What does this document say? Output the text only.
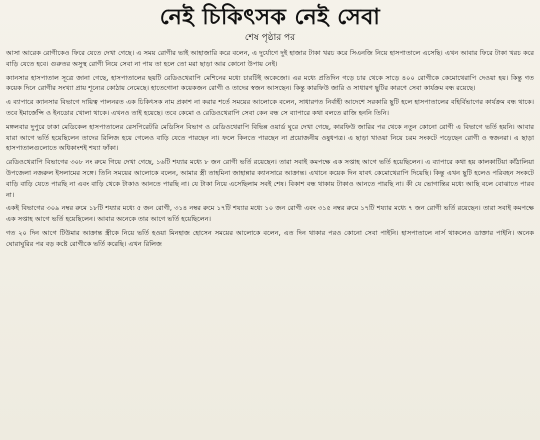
নেই চিকিৎসক নেই সেবা
শেষ পৃষ্ঠার পর

আসা আরেক রোগীকেও ফিরে যেতে দেখা গেছে। এ সময় রোগীর ভাই আহাজারি করে বলেন, এ দুর্যোগে দুই হাজার টাকা খরচ করে সিএনজি নিয়ে হাসপাতালে এসেছি। এখন আবার ফিরে টাকা খরচ করে বাড়ি যেতে হবে। গুরুতর অসুস্থ রোগী নিয়ে সেবা না পায় তা হলে তো মরা ছাড়া আর কোনো উপায় নেই।

ক্যানসার হাসপাতাল সূত্রে জানা গেছে, হাসপাতালের ছয়টি রেডিওথেরাপি মেশিনের মধ্যে চারটিই অকেজো। এর মধ্যে প্রতিদিন গড়ে চার থেকে সাড়ে ৪০০ রোগীকে কেমোথেরাপি দেওয়া হয়। কিন্তু গত কয়েক দিনে রোগীর সংখ্যা প্রায় শূন্যের কোঠায় নেমেছে। হাতেগোনা কয়েকজন রোগী ও তাদের স্বজন আসছেন। কিন্তু কারফিউ জারি ও সাধারণ ছুটির কারণে সেবা কার্যক্রম বন্ধ রয়েছে।

এ ব্যাপারে ক্যানসার বিভাগে দায়িত্ব পালনরত এক চিকিৎসক নাম প্রকাশ না করার শর্তে সময়ের আলোকে বলেন, সাধারণত নির্বাহী আদেশে সরকারি ছুটি হলে হাসপাতালের বহির্বিভাগের কার্যক্রম বন্ধ থাকে। তবে ইমার্জেন্সি ও ইনডোর খোলা থাকে। এখনও তাই হয়েছে। তবে কেমো ও রেডিওথেরাপি সেবা কেন বন্ধ সে ব্যাপারে কথা বলতে রাজি হননি তিনি।

মঙ্গলবার দুপুরে ঢাকা মেডিকেল হাসপাতালের রেসপিরেটরি মেডিসিন বিভাগ ও রেডিওথেরাপি বিভিন্ন ওয়ার্ড ঘুরে দেখা গেছে, কারফিউ জারির পর থেকে নতুন কোনো রোগী এ বিভাগে ভর্তি হয়নি। আবার যারা আগে ভর্তি হয়েছিলেন তাদের রিলিজ হয়ে গেলেও বাড়ি যেতে পারছেন না। ফলে কিনতে পারছেন না প্রয়োজনীয় ওষুধপত্র। এ ছাড়া খাওয়া নিয়ে চরম সংকটে পড়েছেন রোগী ও স্বজনরা। এ ছাড়া হাসপাতালগুলোতে অধিকাংশই শয্যা ফাঁকা।

রেডিওথেরাপি বিভাগের ৩০৮ নং রুমে গিয়ে দেখা গেছে, ১৬টি শয্যার মধ্যে ৮ জন রোগী ভর্তি রয়েছেন। তারা সবাই কমপক্ষে এক সপ্তাহ আগে ভর্তি হয়েছিলেন। এ ব্যাপারে কথা হয় কালকাটিয়া কাঁঠালিয়া উপজেলা নজরুল ইসলামের সঙ্গে। তিনি সময়ের আলোকে বলেন, আমার স্ত্রী তাহমিনা জাহান্নার ক্যানসারে আক্রান্ত। এখানে কয়েক দিন যাবৎ কেমোথেরাপি দিয়েছি। কিন্তু এখন ছুটি হলেও পরিবহন সংকটে বাড়ি বাড়ি যেতে পারছি না এবং বাড়ি থেকে টাকাও আনতে পারছি না। যে টাকা নিয়ে এসেছিলাম সবই শেষ। বিকাশ বন্ধ থাকায় টাকাও আনতে পারছি না। কী যে ভোগান্তির মধ্যে আছি বলে বোঝাতে পারব না।

একই বিভাগের ৩০৯ নম্বর রুমে ১৮টি শয্যার মধ্যে ৫ জন রোগী, ৩১৪ নম্বর রুমে ১৭টি শয্যার মধ্যে ১০ জন রোগী এবং ৩১৫ নম্বর রুমে ১৭টি শয্যার মধ্যে ৭ জন রোগী ভর্তি রয়েছেন। তারা সবাই কমপক্ষে এক সপ্তাহ আগে ভর্তি হয়েছিলেন। আবার অনেকে তার আগে ভর্তি হয়েছিলেন।

গত ২০ দিন আগে টিউমার আক্রান্ত স্ত্রীকে নিয়ে ভর্তি হওয়া মিনহাজ হোসেন সময়ের আলোকে বলেন, এত দিন থাকার পরও কোনো সেবা পাইনি। হাসপাতালে নার্স থাকলেও ডাক্তার পাইনি। অনেক ঘোরাঘুরির পর বড় কষ্টে রোগীকে ভর্তি করেছি। এখন রিলিজ
